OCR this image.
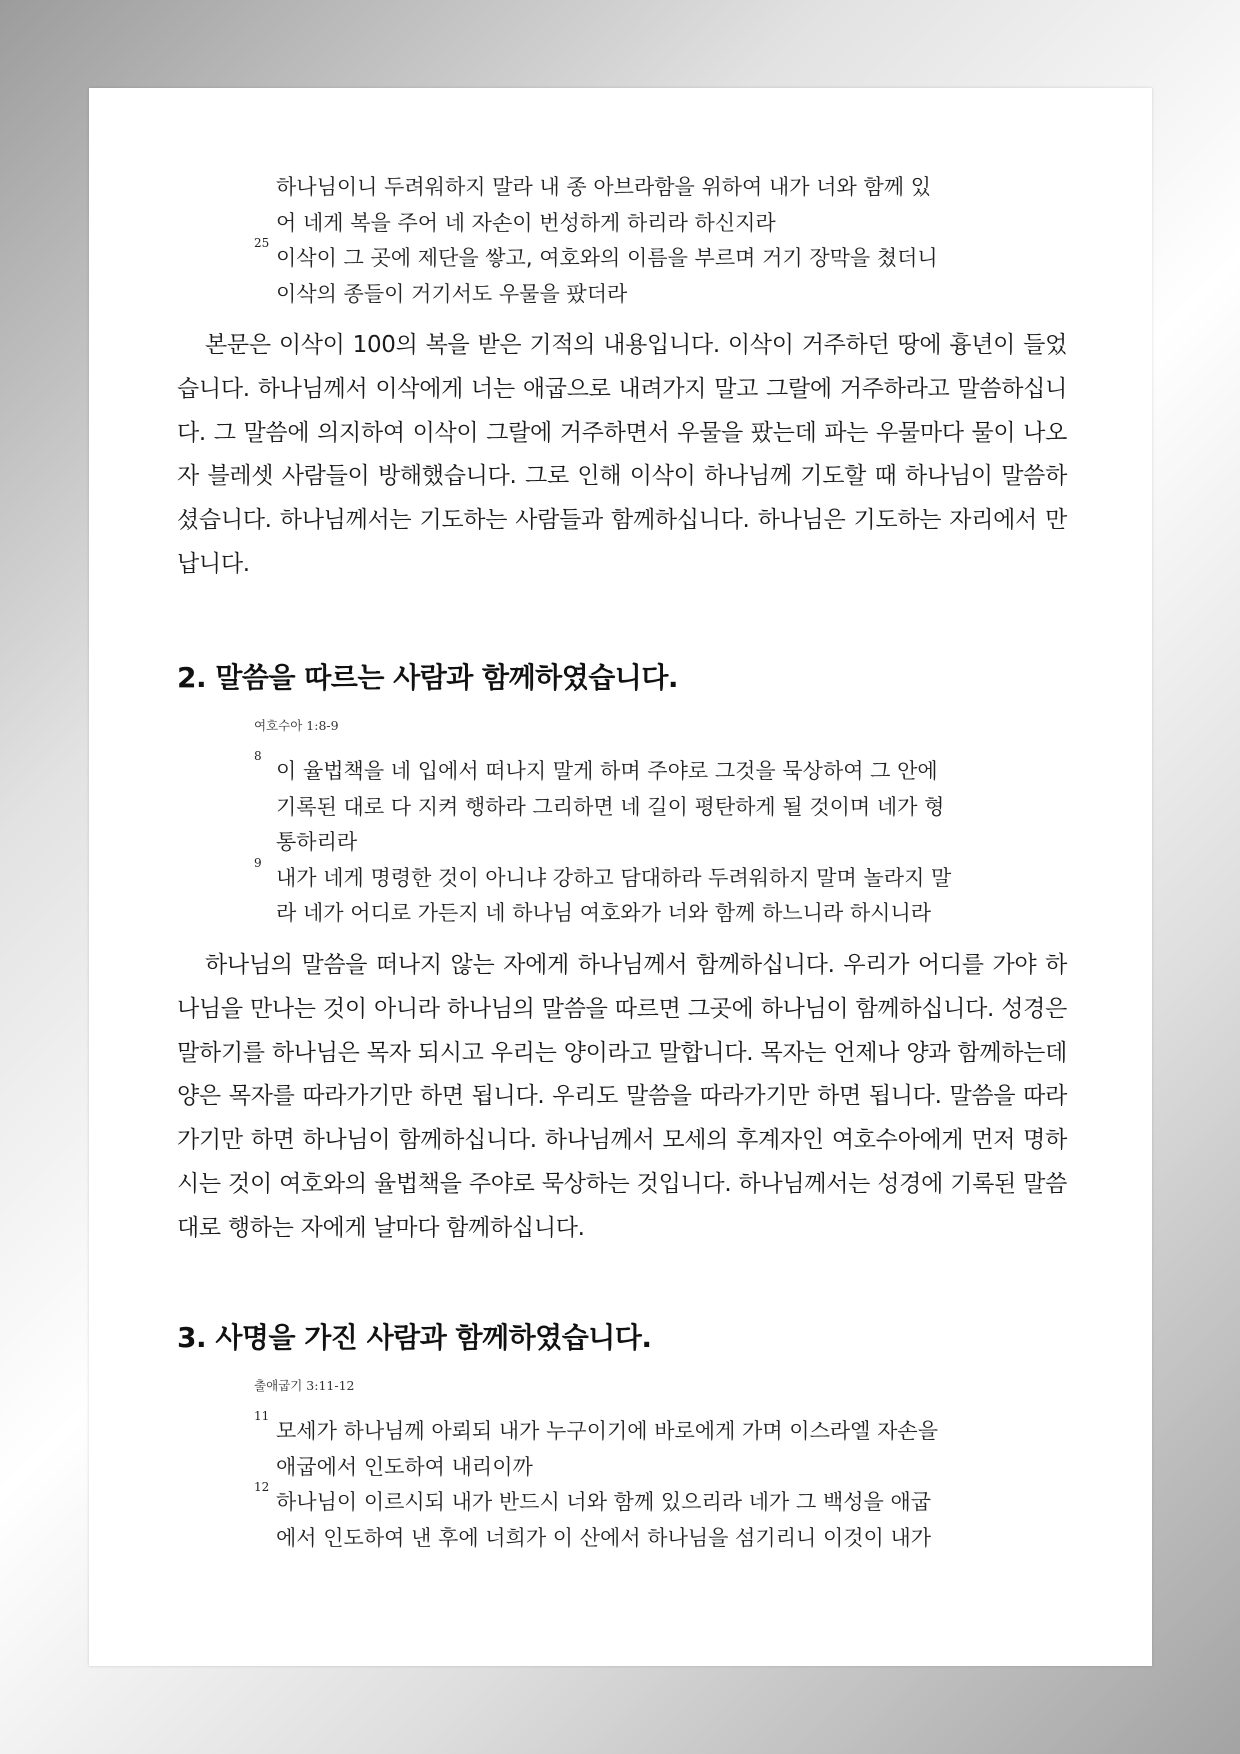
하나님이니 두려워하지 말라 내 종 아브라함을 위하여 내가 너와 함께 있
어 네게 복을 주어 네 자손이 번성하게 하리라 하신지라
25
이삭이 그 곳에 제단을 쌓고, 여호와의 이름을 부르며 거기 장막을 쳤더니
이삭의 종들이 거기서도 우물을 팠더라

본문은 이삭이 100의 복을 받은 기적의 내용입니다. 이삭이 거주하던 땅에 흉년이 들었습니다. 하나님께서 이삭에게 너는 애굽으로 내려가지 말고 그랄에 거주하라고 말씀하십니다. 그 말씀에 의지하여 이삭이 그랄에 거주하면서 우물을 팠는데 파는 우물마다 물이 나오자 블레셋 사람들이 방해했습니다. 그로 인해 이삭이 하나님께 기도할 때 하나님이 말씀하셨습니다. 하나님께서는 기도하는 사람들과 함께하십니다. 하나님은 기도하는 자리에서 만납니다.

2. 말씀을 따르는 사람과 함께하였습니다.
여호수아 1:8-9
8
이 율법책을 네 입에서 떠나지 말게 하며 주야로 그것을 묵상하여 그 안에
기록된 대로 다 지켜 행하라 그리하면 네 길이 평탄하게 될 것이며 네가 형
통하리라
9
내가 네게 명령한 것이 아니냐 강하고 담대하라 두려워하지 말며 놀라지 말
라 네가 어디로 가든지 네 하나님 여호와가 너와 함께 하느니라 하시니라

하나님의 말씀을 떠나지 않는 자에게 하나님께서 함께하십니다. 우리가 어디를 가야 하나님을 만나는 것이 아니라 하나님의 말씀을 따르면 그곳에 하나님이 함께하십니다. 성경은 말하기를 하나님은 목자 되시고 우리는 양이라고 말합니다. 목자는 언제나 양과 함께하는데 양은 목자를 따라가기만 하면 됩니다. 우리도 말씀을 따라가기만 하면 됩니다. 말씀을 따라가기만 하면 하나님이 함께하십니다. 하나님께서 모세의 후계자인 여호수아에게 먼저 명하시는 것이 여호와의 율법책을 주야로 묵상하는 것입니다. 하나님께서는 성경에 기록된 말씀대로 행하는 자에게 날마다 함께하십니다.

3. 사명을 가진 사람과 함께하였습니다.
출애굽기 3:11-12
11
모세가 하나님께 아뢰되 내가 누구이기에 바로에게 가며 이스라엘 자손을
애굽에서 인도하여 내리이까
12
하나님이 이르시되 내가 반드시 너와 함께 있으리라 네가 그 백성을 애굽
에서 인도하여 낸 후에 너희가 이 산에서 하나님을 섬기리니 이것이 내가
